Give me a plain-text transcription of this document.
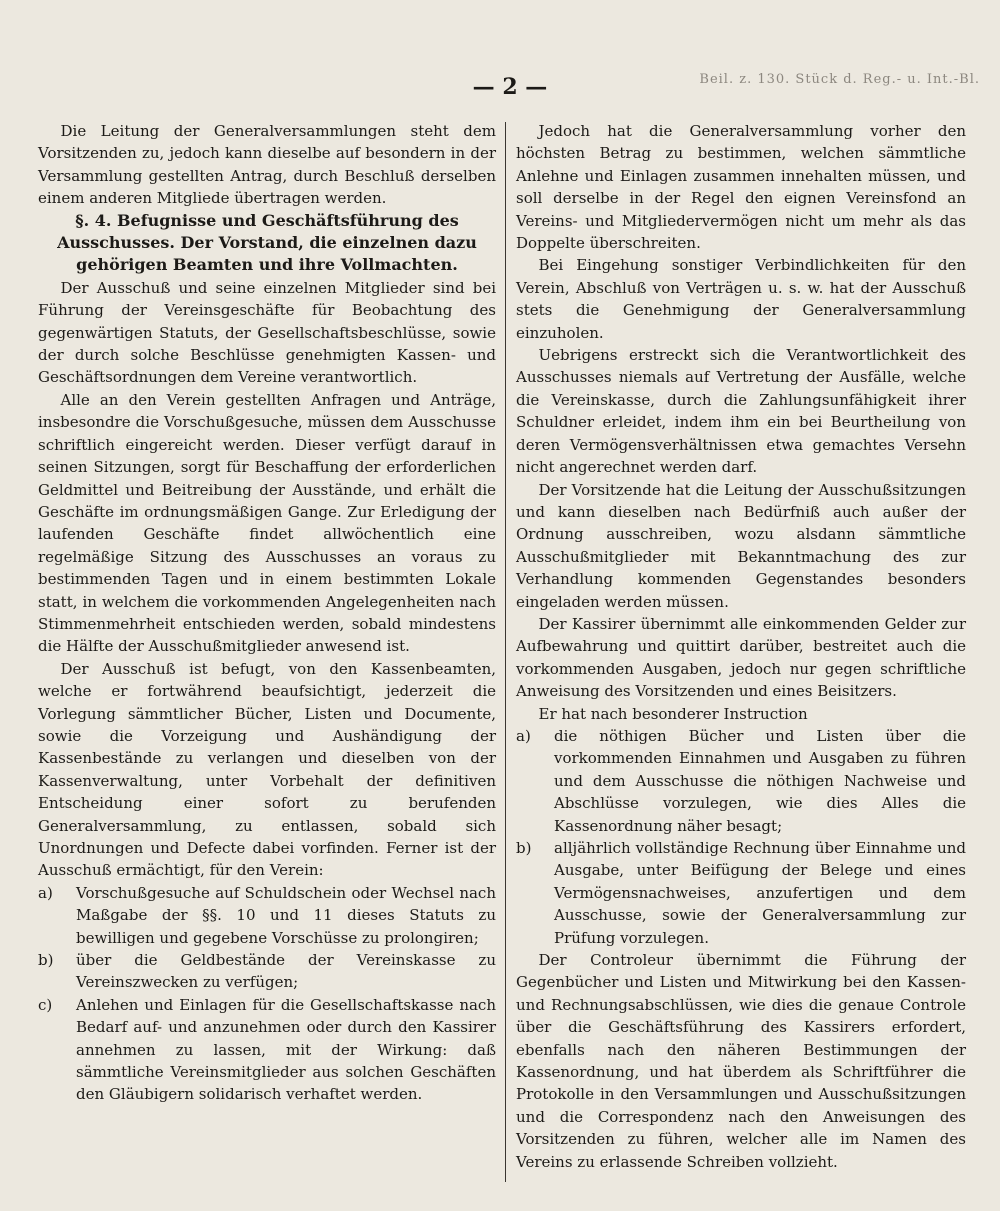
— 2 —	Beil. z. 130. Stück d. Reg.- u. Int.-Bl.

Die Leitung der Generalversammlungen steht dem Vorsitzenden zu, jedoch kann dieselbe auf besondern in der Versammlung gestellten Antrag, durch Beschluß derselben einem anderen Mitgliede übertragen werden.

§. 4. Befugnisse und Geschäftsführung des Ausschusses. Der Vorstand, die einzelnen dazu gehörigen Beamten und ihre Vollmachten.

Der Ausschuß und seine einzelnen Mitglieder sind bei Führung der Vereinsgeschäfte für Beobachtung des gegenwärtigen Statuts, der Gesellschaftsbeschlüsse, sowie der durch solche Beschlüsse genehmigten Kassen- und Geschäftsordnungen dem Vereine verantwortlich.

Alle an den Verein gestellten Anfragen und Anträge, insbesondre die Vorschußgesuche, müssen dem Ausschusse schriftlich eingereicht werden. Dieser verfügt darauf in seinen Sitzungen, sorgt für Beschaffung der erforderlichen Geldmittel und Beitreibung der Ausstände, und erhält die Geschäfte im ordnungsmäßigen Gange. Zur Erledigung der laufenden Geschäfte findet allwöchentlich eine regelmäßige Sitzung des Ausschusses an voraus zu bestimmenden Tagen und in einem bestimmten Lokale statt, in welchem die vorkommenden Angelegenheiten nach Stimmenmehrheit entschieden werden, sobald mindestens die Hälfte der Ausschußmitglieder anwesend ist.

Der Ausschuß ist befugt, von den Kassenbeamten, welche er fortwährend beaufsichtigt, jederzeit die Vorlegung sämmtlicher Bücher, Listen und Documente, sowie die Vorzeigung und Aushändigung der Kassenbestände zu verlangen und dieselben von der Kassenverwaltung, unter Vorbehalt der definitiven Entscheidung einer sofort zu berufenden Generalversammlung, zu entlassen, sobald sich Unordnungen und Defecte dabei vorfinden. Ferner ist der Ausschuß ermächtigt, für den Verein:

a)	Vorschußgesuche auf Schuldschein oder Wechsel nach Maßgabe der §§. 10 und 11 dieses Statuts zu bewilligen und gegebene Vorschüsse zu prolongiren;
b)	über die Geldbestände der Vereinskasse zu Vereinszwecken zu verfügen;
c)	Anlehen und Einlagen für die Gesellschaftskasse nach Bedarf auf- und anzunehmen oder durch den Kassirer annehmen zu lassen, mit der Wirkung: daß sämmtliche Vereinsmitglieder aus solchen Geschäften den Gläubigern solidarisch verhaftet werden.

Jedoch hat die Generalversammlung vorher den höchsten Betrag zu bestimmen, welchen sämmtliche Anlehne und Einlagen zusammen innehalten müssen, und soll derselbe in der Regel den eignen Vereinsfond an Vereins- und Mitgliedervermögen nicht um mehr als das Doppelte überschreiten.

Bei Eingehung sonstiger Verbindlichkeiten für den Verein, Abschluß von Verträgen u. s. w. hat der Ausschuß stets die Genehmigung der Generalversammlung einzuholen.

Uebrigens erstreckt sich die Verantwortlichkeit des Ausschusses niemals auf Vertretung der Ausfälle, welche die Vereinskasse, durch die Zahlungsunfähigkeit ihrer Schuldner erleidet, indem ihm ein bei Beurtheilung von deren Vermögensverhältnissen etwa gemachtes Versehn nicht angerechnet werden darf.

Der Vorsitzende hat die Leitung der Ausschußsitzungen und kann dieselben nach Bedürfniß auch außer der Ordnung ausschreiben, wozu alsdann sämmtliche Ausschußmitglieder mit Bekanntmachung des zur Verhandlung kommenden Gegenstandes besonders eingeladen werden müssen.

Der Kassirer übernimmt alle einkommenden Gelder zur Aufbewahrung und quittirt darüber, bestreitet auch die vorkommenden Ausgaben, jedoch nur gegen schriftliche Anweisung des Vorsitzenden und eines Beisitzers.

Er hat nach besonderer Instruction

a)	die nöthigen Bücher und Listen über die vorkommenden Einnahmen und Ausgaben zu führen und dem Ausschusse die nöthigen Nachweise und Abschlüsse vorzulegen, wie dies Alles die Kassenordnung näher besagt;
b)	alljährlich vollständige Rechnung über Einnahme und Ausgabe, unter Beifügung der Belege und eines Vermögensnachweises, anzufertigen und dem Ausschusse, sowie der Generalversammlung zur Prüfung vorzulegen.

Der Controleur übernimmt die Führung der Gegenbücher und Listen und Mitwirkung bei den Kassen- und Rechnungsabschlüssen, wie dies die genaue Controle über die Geschäftsführung des Kassirers erfordert, ebenfalls nach den näheren Bestimmungen der Kassenordnung, und hat überdem als Schriftführer die Protokolle in den Versammlungen und Ausschußsitzungen und die Correspondenz nach den Anweisungen des Vorsitzenden zu führen, welcher alle im Namen des Vereins zu erlassende Schreiben vollzieht.
